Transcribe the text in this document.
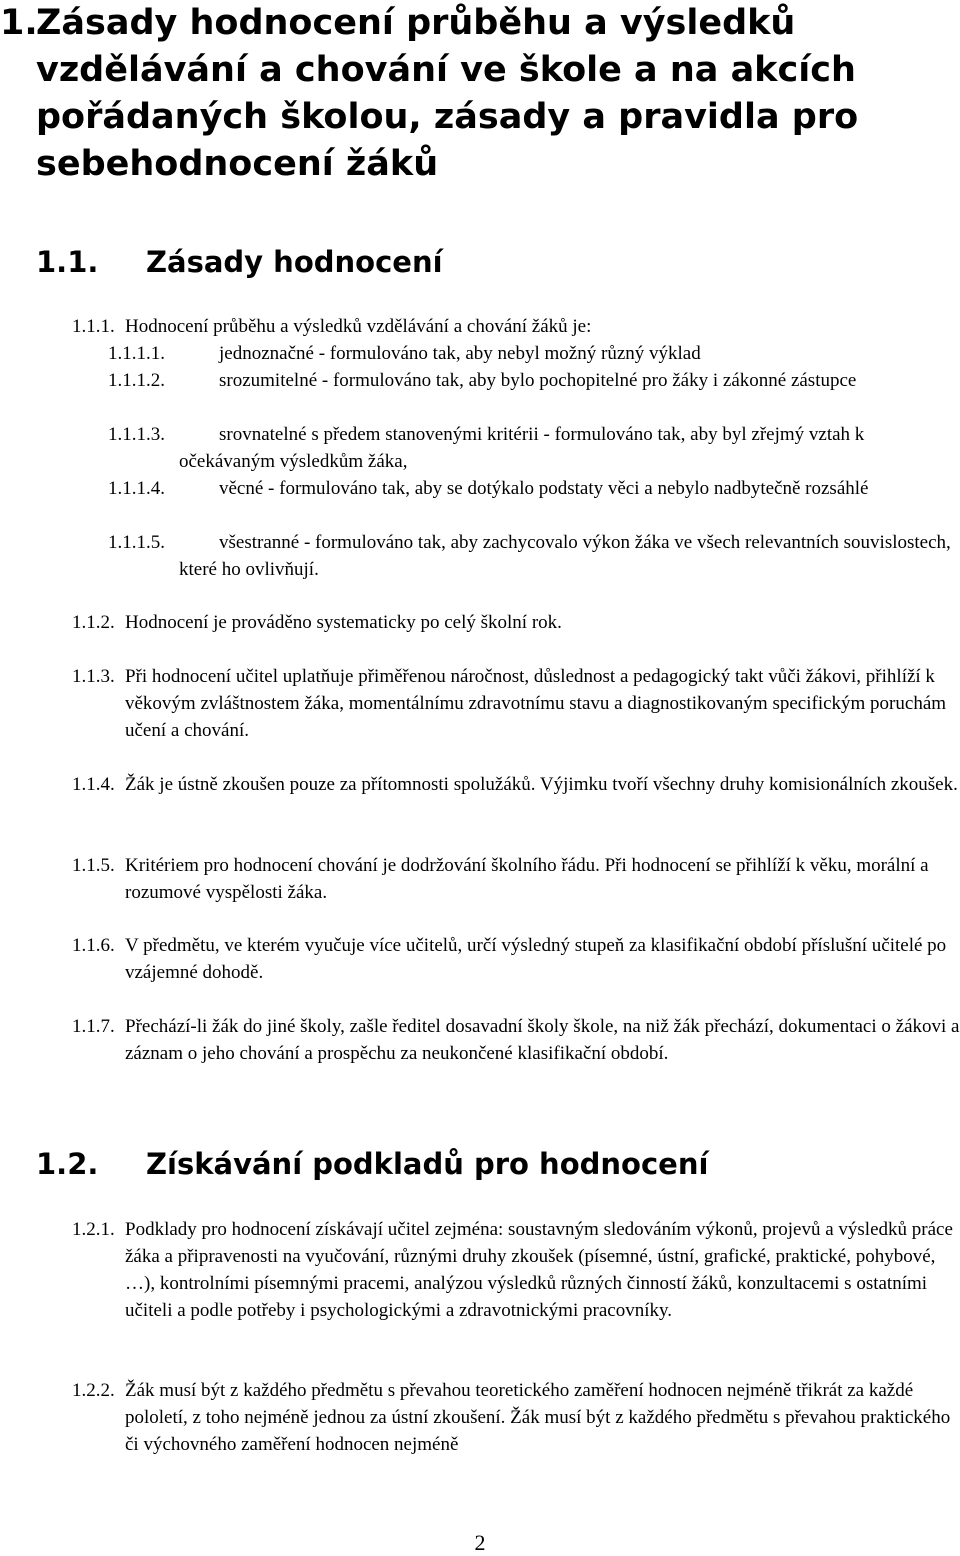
1.
Zásady hodnocení průběhu a výsledků vzdělávání a chování ve škole a na akcích pořádaných školou, zásady a pravidla pro sebehodnocení žáků
1.1. Zásady hodnocení
1.1.1. Hodnocení průběhu a výsledků vzdělávání a chování žáků je:
1.1.1.1.	jednoznačné - formulováno tak, aby nebyl možný různý výklad
1.1.1.2.	srozumitelné - formulováno tak, aby bylo pochopitelné pro žáky i zákonné zástupce
1.1.1.3.	srovnatelné s předem stanovenými kritérii - formulováno tak, aby byl zřejmý vztah k očekávaným výsledkům žáka,
1.1.1.4.	věcné - formulováno tak, aby se dotýkalo podstaty věci a nebylo nadbytečně rozsáhlé
1.1.1.5.	všestranné - formulováno tak, aby zachycovalo výkon žáka ve všech relevantních souvislostech, které ho ovlivňují.
1.1.2. Hodnocení je prováděno systematicky po celý školní rok.
1.1.3. Při hodnocení učitel uplatňuje přiměřenou náročnost, důslednost a pedagogický takt vůči žákovi, přihlíží k věkovým zvláštnostem žáka, momentálnímu zdravotnímu stavu a diagnostikovaným specifickým poruchám učení a chování.
1.1.4. Žák je ústně zkoušen pouze za přítomnosti spolužáků. Výjimku tvoří všechny druhy komisionálních zkoušek.
1.1.5. Kritériem pro hodnocení chování je dodržování školního řádu. Při hodnocení se přihlíží k věku, morální a rozumové vyspělosti žáka.
1.1.6. V předmětu, ve kterém vyučuje více učitelů, určí výsledný stupeň za klasifikační období příslušní učitelé po vzájemné dohodě.
1.1.7. Přechází-li žák do jiné školy, zašle ředitel dosavadní školy škole, na niž žák přechází, dokumentaci o žákovi a záznam o jeho chování a prospěchu za neukončené klasifikační období.
1.2. Získávání podkladů pro hodnocení
1.2.1. Podklady pro hodnocení získávají učitel zejména: soustavným sledováním výkonů, projevů a výsledků práce žáka a připravenosti na vyučování, různými druhy zkoušek (písemné, ústní, grafické, praktické, pohybové, …), kontrolními písemnými pracemi, analýzou výsledků různých činností žáků, konzultacemi s ostatními učiteli a podle potřeby i psychologickými a zdravotnickými pracovníky.
1.2.2. Žák musí být z každého předmětu s převahou teoretického zaměření hodnocen nejméně třikrát za každé pololetí, z toho nejméně jednou za ústní zkoušení. Žák musí být z každého předmětu s převahou praktického či výchovného zaměření hodnocen nejméně
2
